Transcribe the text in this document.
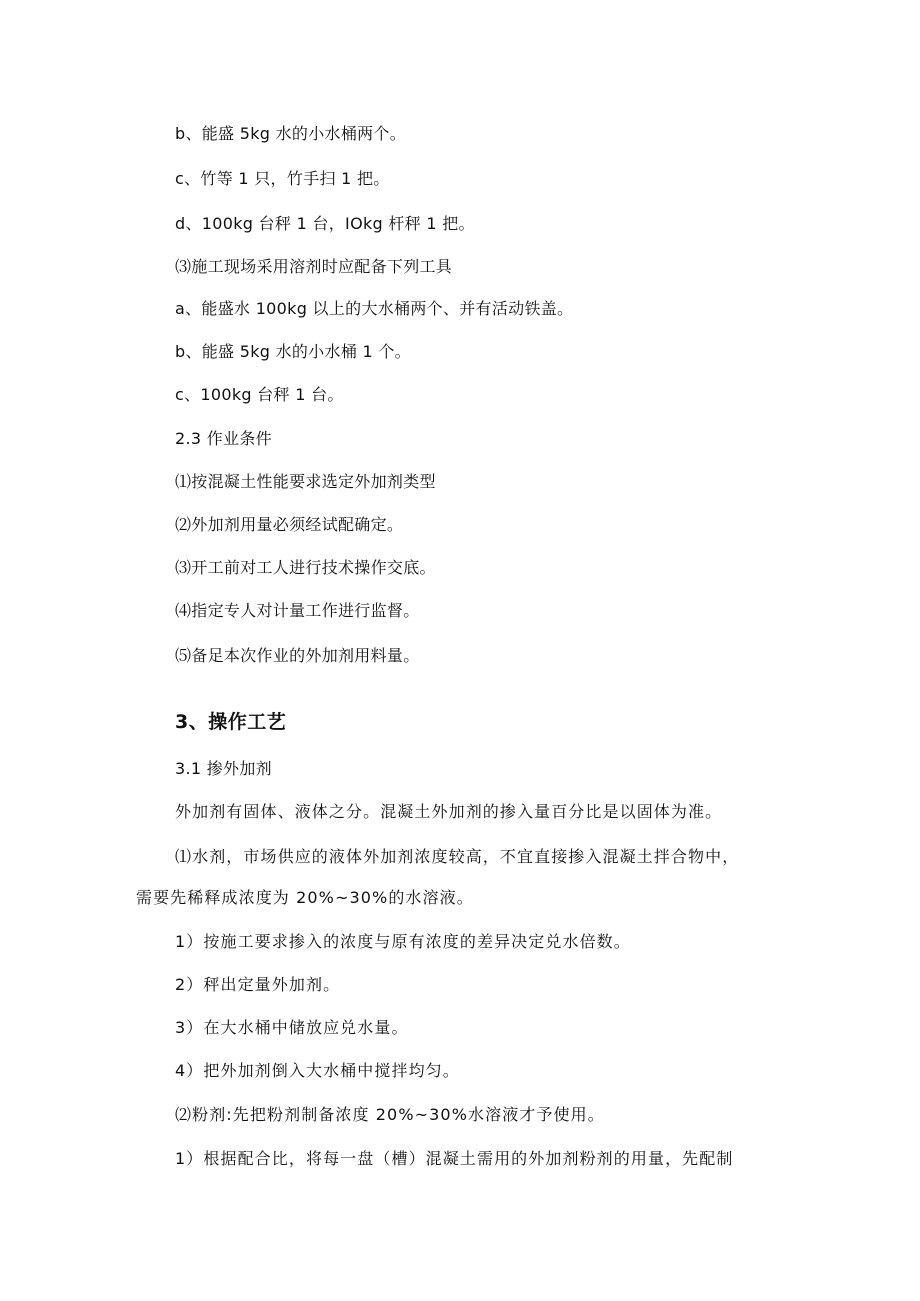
b、能盛 5kg 水的小水桶两个。
c、竹等 1 只，竹手扫 1 把。
d、100kg 台秤 1 台，IOkg 杆秤 1 把。
⑶施工现场采用溶剂时应配备下列工具
a、能盛水 100kg 以上的大水桶两个、并有活动铁盖。
b、能盛 5kg 水的小水桶 1 个。
c、100kg 台秤 1 台。
2.3 作业条件
⑴按混凝土性能要求选定外加剂类型
⑵外加剂用量必须经试配确定。
⑶开工前对工人进行技术操作交底。
⑷指定专人对计量工作进行监督。
⑸备足本次作业的外加剂用料量。
3、操作工艺
3.1 掺外加剂
外加剂有固体、液体之分。混凝土外加剂的掺入量百分比是以固体为准。
⑴水剂，市场供应的液体外加剂浓度较高，不宜直接掺入混凝土拌合物中，
需要先稀释成浓度为 20%~30%的水溶液。
1）按施工要求掺入的浓度与原有浓度的差异决定兑水倍数。
2）秤出定量外加剂。
3）在大水桶中储放应兑水量。
4）把外加剂倒入大水桶中搅拌均匀。
⑵粉剂:先把粉剂制备浓度 20%~30%水溶液才予使用。
1）根据配合比，将每一盘（槽）混凝土需用的外加剂粉剂的用量，先配制
